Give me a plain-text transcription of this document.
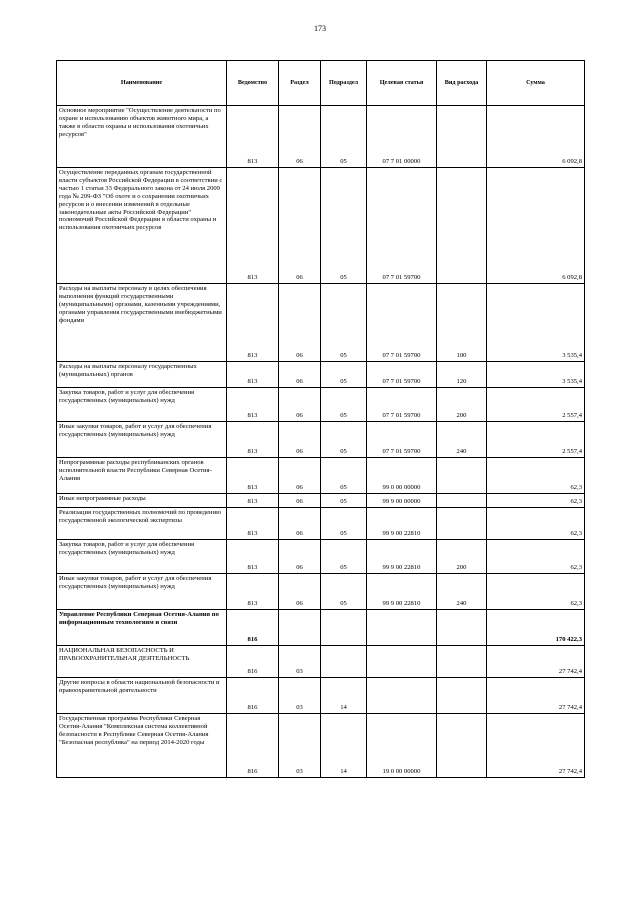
173
Наименование	Ведомство	Раздел	Подраздел	Целевая статья	Вид расхода	Сумма
Основное мероприятие "Осуществление деятельности по охране и использованию объектов животного мира, а также в области охраны и использования охотничьих ресурсов"	813	06	05	07 7 01 00000		6 092,8
Осуществление переданных органам государственной власти субъектов Российской Федерации в соответствии с частью 1 статьи 33 Федерального закона от 24 июля 2009 года № 209-ФЗ "Об охоте и о сохранении охотничьих ресурсов и о внесении изменений в отдельные законодательные акты Российской Федерации" полномочий Российской Федерации в области охраны и использования охотничьих ресурсов	813	06	05	07 7 01 59700		6 092,8
Расходы на выплаты персоналу в целях обеспечения выполнения функций государственными (муниципальными) органами, казенными учреждениями, органами управления государственными внебюджетными фондами	813	06	05	07 7 01 59700	100	3 535,4
Расходы на выплаты персоналу государственных (муниципальных) органов	813	06	05	07 7 01 59700	120	3 535,4
Закупка товаров, работ и услуг для обеспечения государственных (муниципальных) нужд	813	06	05	07 7 01 59700	200	2 557,4
Иные закупки товаров, работ и услуг для обеспечения государственных (муниципальных) нужд	813	06	05	07 7 01 59700	240	2 557,4
Непрограммные расходы республиканских органов исполнительной власти Республики Северная Осетия-Алания	813	06	05	99 0 00 00000		62,3
Иные непрограммные расходы	813	06	05	99 9 00 00000		62,3
Реализация государственных полномочий по проведению государственной экологической экспертизы	813	06	05	99 9 00 22810		62,3
Закупка товаров, работ и услуг для обеспечения государственных (муниципальных) нужд	813	06	05	99 9 00 22810	200	62,3
Иные закупки товаров, работ и услуг для обеспечения государственных (муниципальных) нужд	813	06	05	99 9 00 22810	240	62,3
Управление Республики Северная Осетия-Алания по информационным технологиям и связи	816					170 422,3
НАЦИОНАЛЬНАЯ БЕЗОПАСНОСТЬ И ПРАВООХРАНИТЕЛЬНАЯ ДЕЯТЕЛЬНОСТЬ	816	03				27 742,4
Другие вопросы в области национальной безопасности и правоохранительной деятельности	816	03	14			27 742,4
Государственная программа Республики Северная Осетия-Алания "Комплексная система коллективной безопасности в Республике Северная Осетия-Алания "Безопасная республика" на период 2014-2020 годы	816	03	14	19 0 00 00000		27 742,4
